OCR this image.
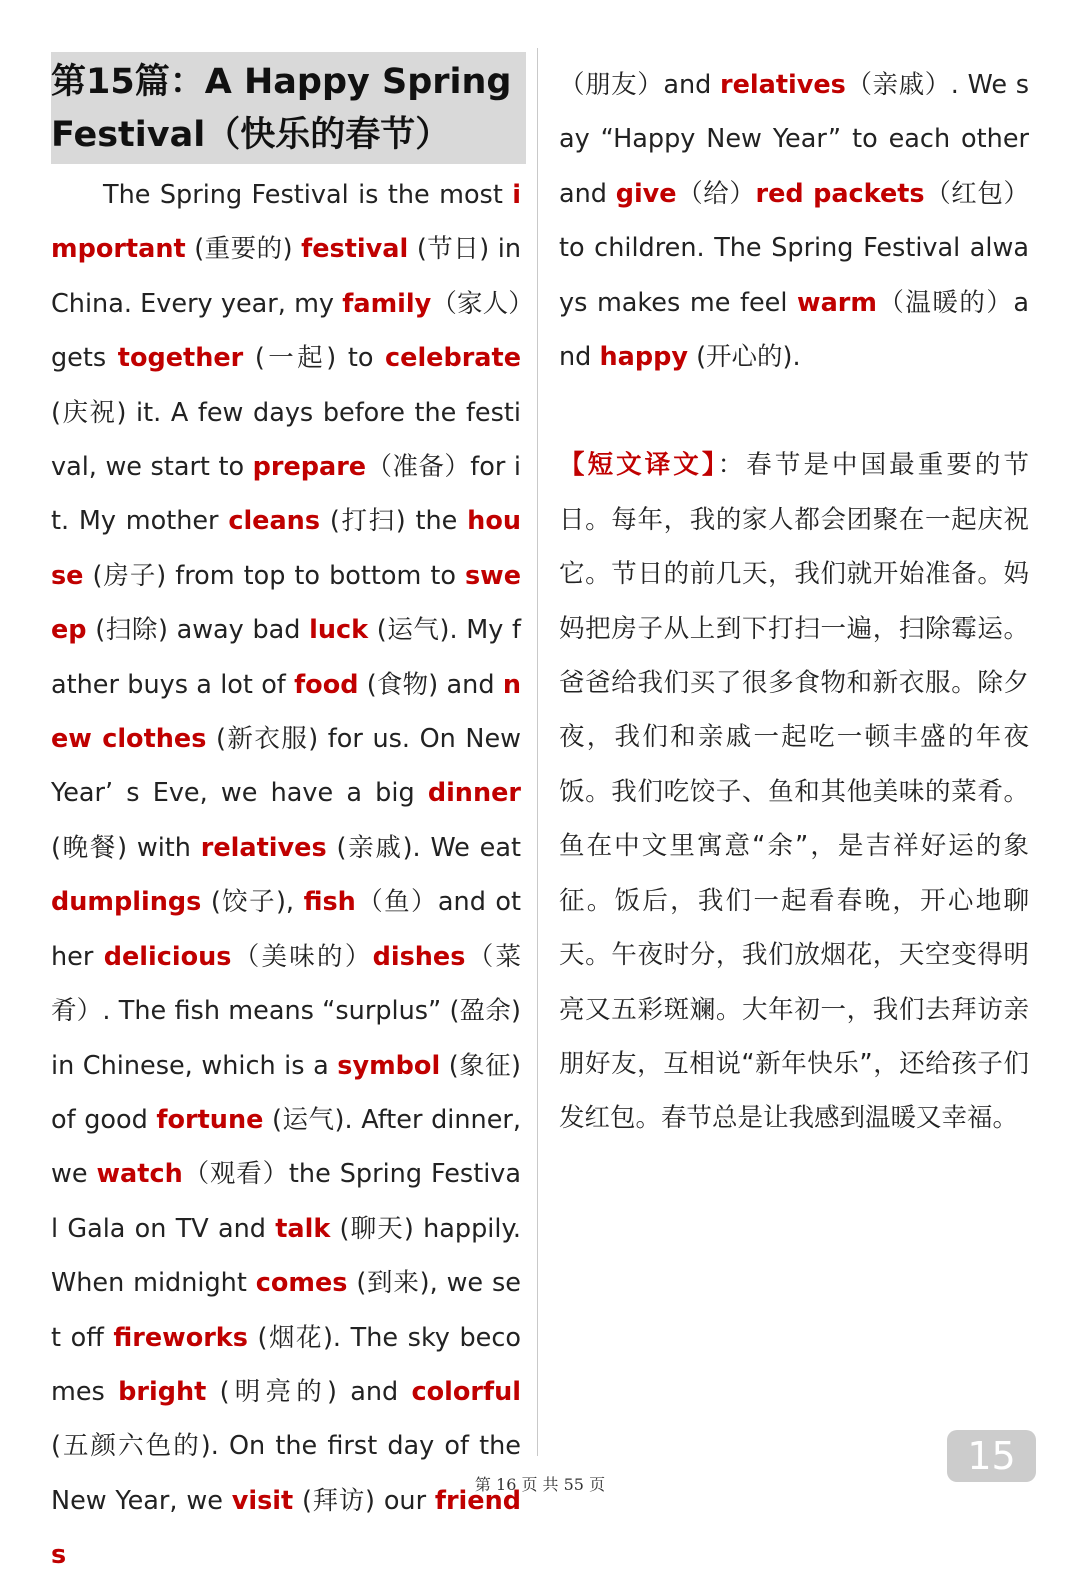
第15篇：A Happy Spring Festival（快乐的春节）
The Spring Festival is the most important (重要的) festival (节日) in China. Every year, my family（家人）gets together (一起) to celebrate (庆祝) it. A few days before the festival, we start to prepare（准备）for it. My mother cleans (打扫) the house (房子) from top to bottom to sweep (扫除) away bad luck (运气). My father buys a lot of food (食物) and new clothes (新衣服) for us. On New Year’ s Eve, we have a big dinner (晚餐) with relatives (亲戚). We eat dumplings (饺子), fish（鱼）and other delicious（美味的）dishes（菜肴）. The fish means “surplus” (盈余) in Chinese, which is a symbol (象征) of good fortune (运气). After dinner, we watch（观看）the Spring Festival Gala on TV and talk (聊天) happily. When midnight comes (到来), we set off fireworks (烟花). The sky becomes bright (明亮的) and colorful (五颜六色的). On the first day of the New Year, we visit (拜访) our friends
（朋友）and relatives（亲戚）. We say “Happy New Year” to each other and give（给）red packets（红包）to children. The Spring Festival always makes me feel warm（温暖的）and happy (开心的).
【短文译文】：春节是中国最重要的节日。每年，我的家人都会团聚在一起庆祝它。节日的前几天，我们就开始准备。妈妈把房子从上到下打扫一遍，扫除霉运。爸爸给我们买了很多食物和新衣服。除夕夜，我们和亲戚一起吃一顿丰盛的年夜饭。我们吃饺子、鱼和其他美味的菜肴。鱼在中文里寓意“余”，是吉祥好运的象征。饭后，我们一起看春晚，开心地聊天。午夜时分，我们放烟花，天空变得明亮又五彩斑斓。大年初一，我们去拜访亲朋好友，互相说“新年快乐”，还给孩子们发红包。春节总是让我感到温暖又幸福。
第 16 页 共 55 页
15
